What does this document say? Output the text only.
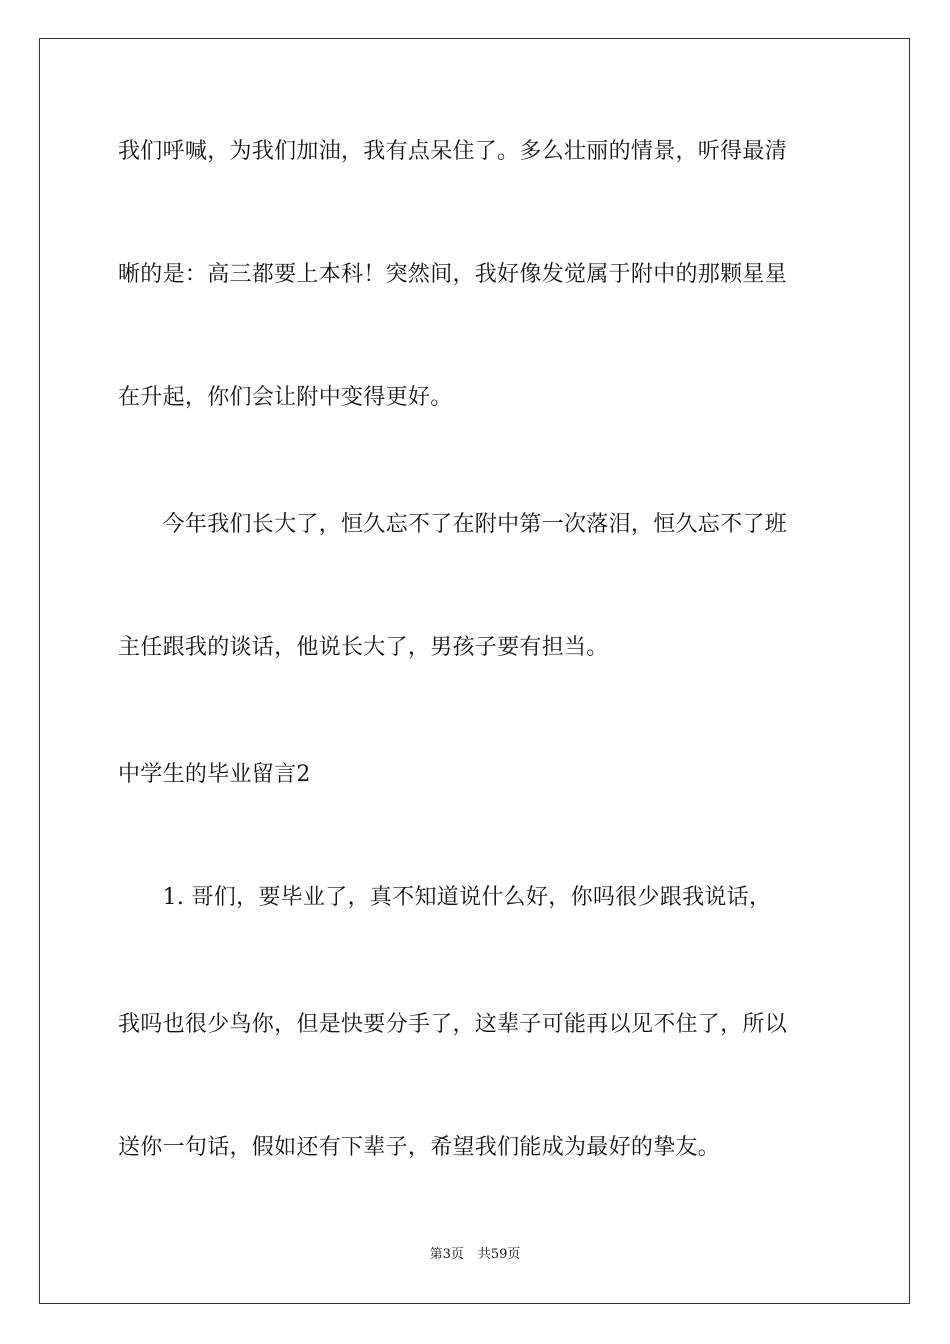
我们呼喊，为我们加油，我有点呆住了。多么壮丽的情景，听得最清
晰的是：高三都要上本科！突然间，我好像发觉属于附中的那颗星星
在升起，你们会让附中变得更好。
　　今年我们长大了，恒久忘不了在附中第一次落泪，恒久忘不了班
主任跟我的谈话，他说长大了，男孩子要有担当。
中学生的毕业留言2
　　1. 哥们，要毕业了，真不知道说什么好，你吗很少跟我说话，
我吗也很少鸟你，但是快要分手了，这辈子可能再以见不住了，所以
送你一句话，假如还有下辈子，希望我们能成为最好的挚友。
第3页 共59页
